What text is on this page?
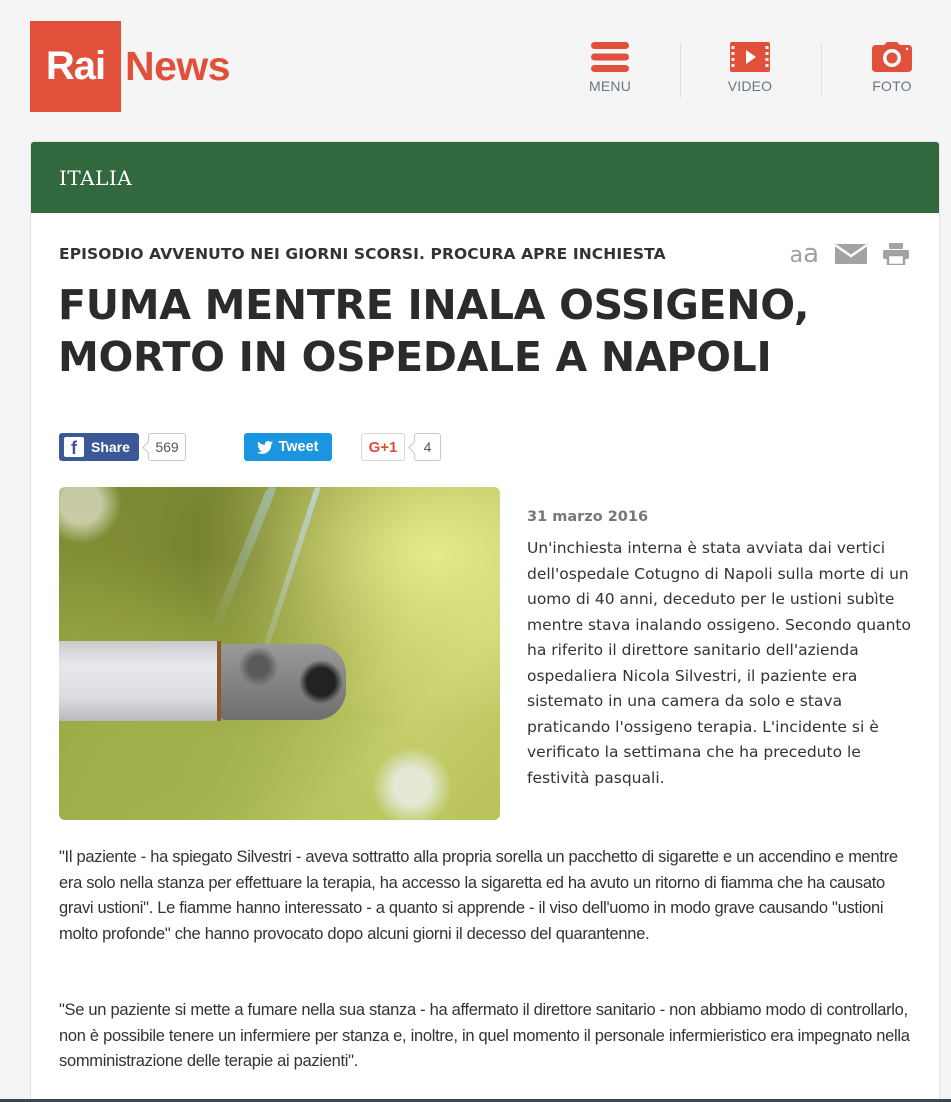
Rai News	MENU	VIDEO	FOTO
ITALIA
EPISODIO AVVENUTO NEI GIORNI SCORSI. PROCURA APRE INCHIESTA	aa
FUMA MENTRE INALA OSSIGENO,
MORTO IN OSPEDALE A NAPOLI
f	Share	569	Tweet	G+1	4
31 marzo 2016

Un'inchiesta interna è stata avviata dai vertici dell'ospedale Cotugno di Napoli sulla morte di un uomo di 40 anni, deceduto per le ustioni subìte mentre stava inalando ossigeno. Secondo quanto ha riferito il direttore sanitario dell'azienda ospedaliera Nicola Silvestri, il paziente era sistemato in una camera da solo e stava praticando l'ossigeno terapia. L'incidente si è verificato la settimana che ha preceduto le festività pasquali.

"Il paziente - ha spiegato Silvestri - aveva sottratto alla propria sorella un pacchetto di sigarette e un accendino e mentre era solo nella stanza per effettuare la terapia, ha accesso la sigaretta ed ha avuto un ritorno di fiamma che ha causato gravi ustioni". Le fiamme hanno interessato - a quanto si apprende - il viso dell'uomo in modo grave causando "ustioni molto profonde" che hanno provocato dopo alcuni giorni il decesso del quarantenne.

"Se un paziente si mette a fumare nella sua stanza - ha affermato il direttore sanitario - non abbiamo modo di controllarlo, non è possibile tenere un infermiere per stanza e, inoltre, in quel momento il personale infermieristico era impegnato nella somministrazione delle terapie ai pazienti".
